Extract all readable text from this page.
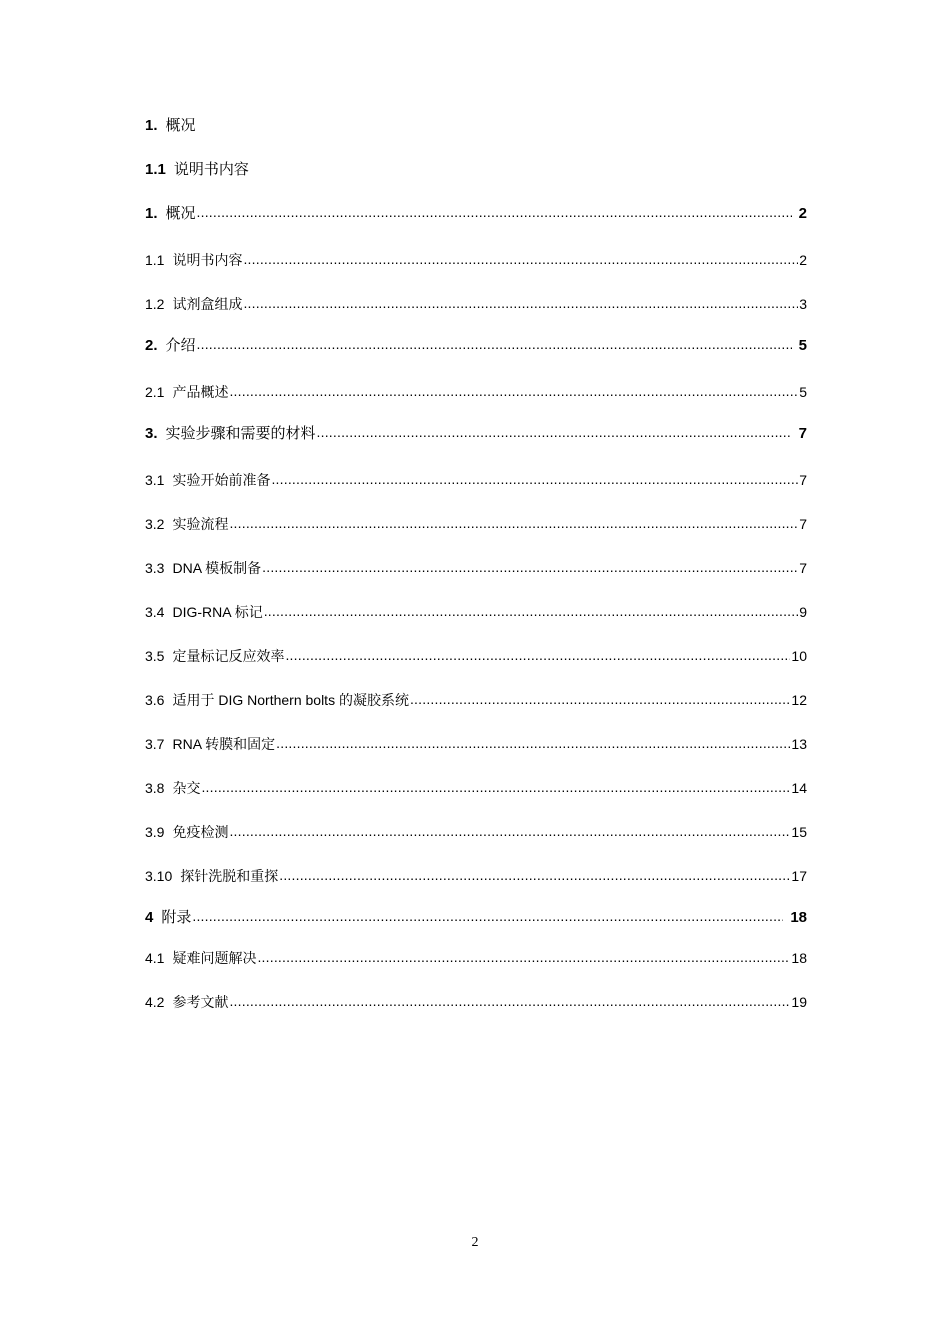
1. 概况
1.1 说明书内容
1. 概况 .....	2
1.1 说明书内容 .....	2
1.2 试剂盒组成 .....	3
2. 介绍 .....	5
2.1 产品概述 .....	5
3. 实验步骤和需要的材料 .....	7
3.1 实验开始前准备 .....	7
3.2 实验流程 .....	7
3.3 DNA 模板制备 .....	7
3.4 DIG-RNA 标记 .....	9
3.5 定量标记反应效率 .....	10
3.6 适用于 DIG Northern bolts 的凝胶系统 .....	12
3.7 RNA 转膜和固定 .....	13
3.8 杂交 .....	14
3.9 免疫检测 .....	15
3.10 探针洗脱和重探 .....	17
4 附录 .....	18
4.1 疑难问题解决 .....	18
4.2 参考文献 .....	19
2
